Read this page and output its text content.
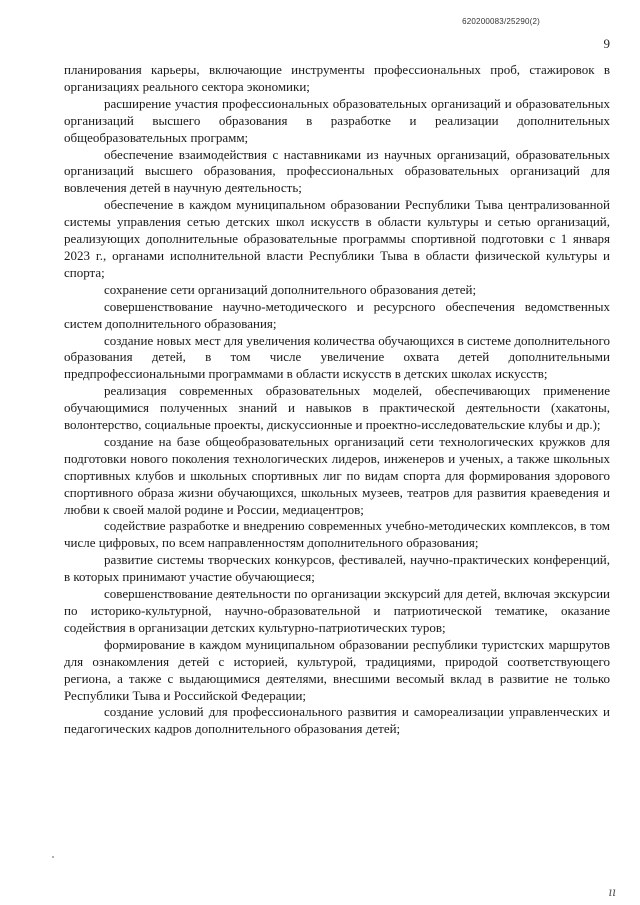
620200083/25290(2)
9

планирования карьеры, включающие инструменты профессиональных проб, стажировок в организациях реального сектора экономики;

расширение участия профессиональных образовательных организаций и образовательных организаций высшего образования в разработке и реализации дополнительных общеобразовательных программ;

обеспечение взаимодействия с наставниками из научных организаций, образовательных организаций высшего образования, профессиональных образовательных организаций для вовлечения детей в научную деятельность;

обеспечение в каждом муниципальном образовании Республики Тыва централизованной системы управления сетью детских школ искусств в области культуры и сетью организаций, реализующих дополнительные образовательные программы спортивной подготовки с 1 января 2023 г., органами исполнительной власти Республики Тыва в области физической культуры и спорта;

сохранение сети организаций дополнительного образования детей;

совершенствование научно-методического и ресурсного обеспечения ведомственных систем дополнительного образования;

создание новых мест для увеличения количества обучающихся в системе дополнительного образования детей, в том числе увеличение охвата детей дополнительными предпрофессиональными программами в области искусств в детских школах искусств;

реализация современных образовательных моделей, обеспечивающих применение обучающимися полученных знаний и навыков в практической деятельности (хакатоны, волонтерство, социальные проекты, дискуссионные и проектно-исследовательские клубы и др.);

создание на базе общеобразовательных организаций сети технологических кружков для подготовки нового поколения технологических лидеров, инженеров и ученых, а также школьных спортивных клубов и школьных спортивных лиг по видам спорта для формирования здорового спортивного образа жизни обучающихся, школьных музеев, театров для развития краеведения и любви к своей малой родине и России, медиацентров;

содействие разработке и внедрению современных учебно-методических комплексов, в том числе цифровых, по всем направленностям дополнительного образования;

развитие системы творческих конкурсов, фестивалей, научно-практических конференций, в которых принимают участие обучающиеся;

совершенствование деятельности по организации экскурсий для детей, включая экскурсии по историко-культурной, научно-образовательной и патриотической тематике, оказание содействия в организации детских культурно-патриотических туров;

формирование в каждом муниципальном образовании республики туристских маршрутов для ознакомления детей с историей, культурой, традициями, природой соответствующего региона, а также с выдающимися деятелями, внесшими весомый вклад в развитие не только Республики Тыва и Российской Федерации;

создание условий для профессионального развития и самореализации управленческих и педагогических кадров дополнительного образования детей;

ıı
